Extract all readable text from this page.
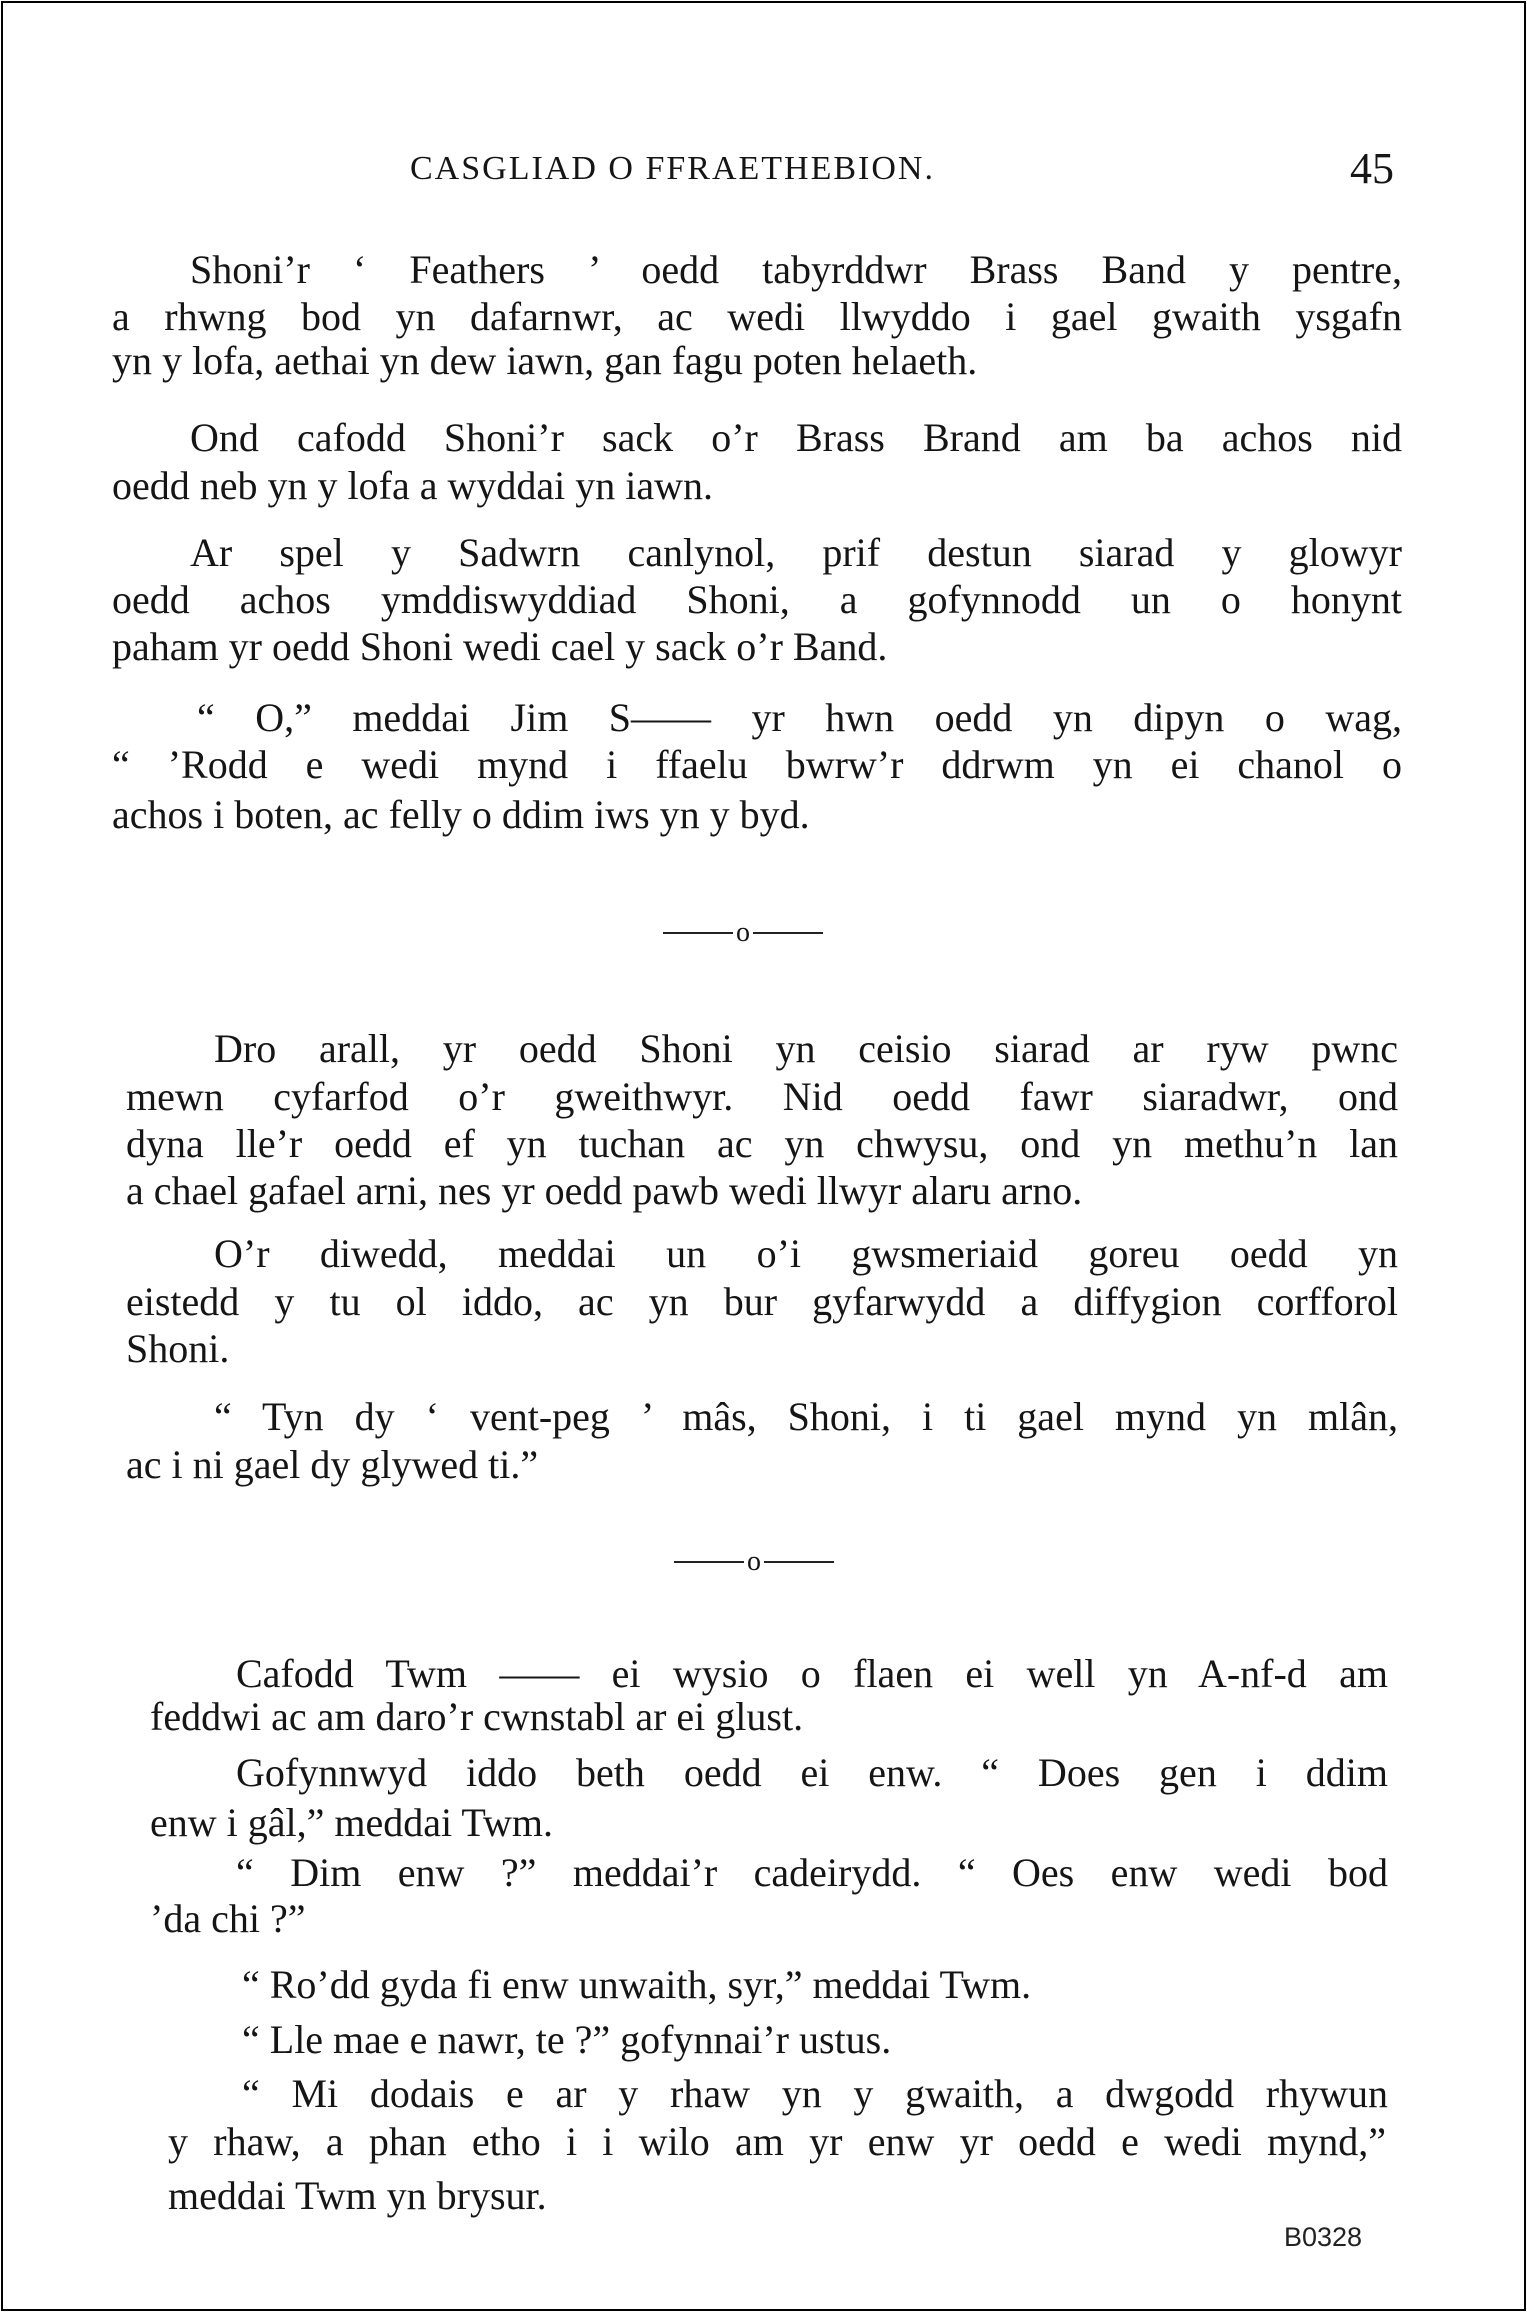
CASGLIAD O FFRAETHEBION.	45
Shoni’r ‘ Feathers ’ oedd tabyrddwr Brass Band y pentre,
a rhwng bod yn dafarnwr, ac wedi llwyddo i gael gwaith ysgafn
yn y lofa, aethai yn dew iawn, gan fagu poten helaeth.
Ond cafodd Shoni’r sack o’r Brass Brand am ba achos nid
oedd neb yn y lofa a wyddai yn iawn.
Ar spel y Sadwrn canlynol, prif destun siarad y glowyr
oedd achos ymddiswyddiad Shoni, a gofynnodd un o honynt
paham yr oedd Shoni wedi cael y sack o’r Band.
“ O,” meddai Jim S—— yr hwn oedd yn dipyn o wag,
“ ’Rodd e wedi mynd i ffaelu bwrw’r ddrwm yn ei chanol o
achos i boten, ac felly o ddim iws yn y byd.
o
Dro arall, yr oedd Shoni yn ceisio siarad ar ryw pwnc
mewn cyfarfod o’r gweithwyr. Nid oedd fawr siaradwr, ond
dyna lle’r oedd ef yn tuchan ac yn chwysu, ond yn methu’n lan
a chael gafael arni, nes yr oedd pawb wedi llwyr alaru arno.
O’r diwedd, meddai un o’i gwsmeriaid goreu oedd yn
eistedd y tu ol iddo, ac yn bur gyfarwydd a diffygion corfforol
Shoni.
“ Tyn dy ‘ vent-peg ’ mâs, Shoni, i ti gael mynd yn mlân,
ac i ni gael dy glywed ti.”
o
Cafodd Twm —— ei wysio o flaen ei well yn A-nf-d am
feddwi ac am daro’r cwnstabl ar ei glust.
Gofynnwyd iddo beth oedd ei enw. “ Does gen i ddim
enw i gâl,” meddai Twm.
“ Dim enw ?” meddai’r cadeirydd. “ Oes enw wedi bod
’da chi ?”
“ Ro’dd gyda fi enw unwaith, syr,” meddai Twm.
“ Lle mae e nawr, te ?” gofynnai’r ustus.
“ Mi dodais e ar y rhaw yn y gwaith, a dwgodd rhywun
y rhaw, a phan etho i i wilo am yr enw yr oedd e wedi mynd,”
meddai Twm yn brysur.
B0328
